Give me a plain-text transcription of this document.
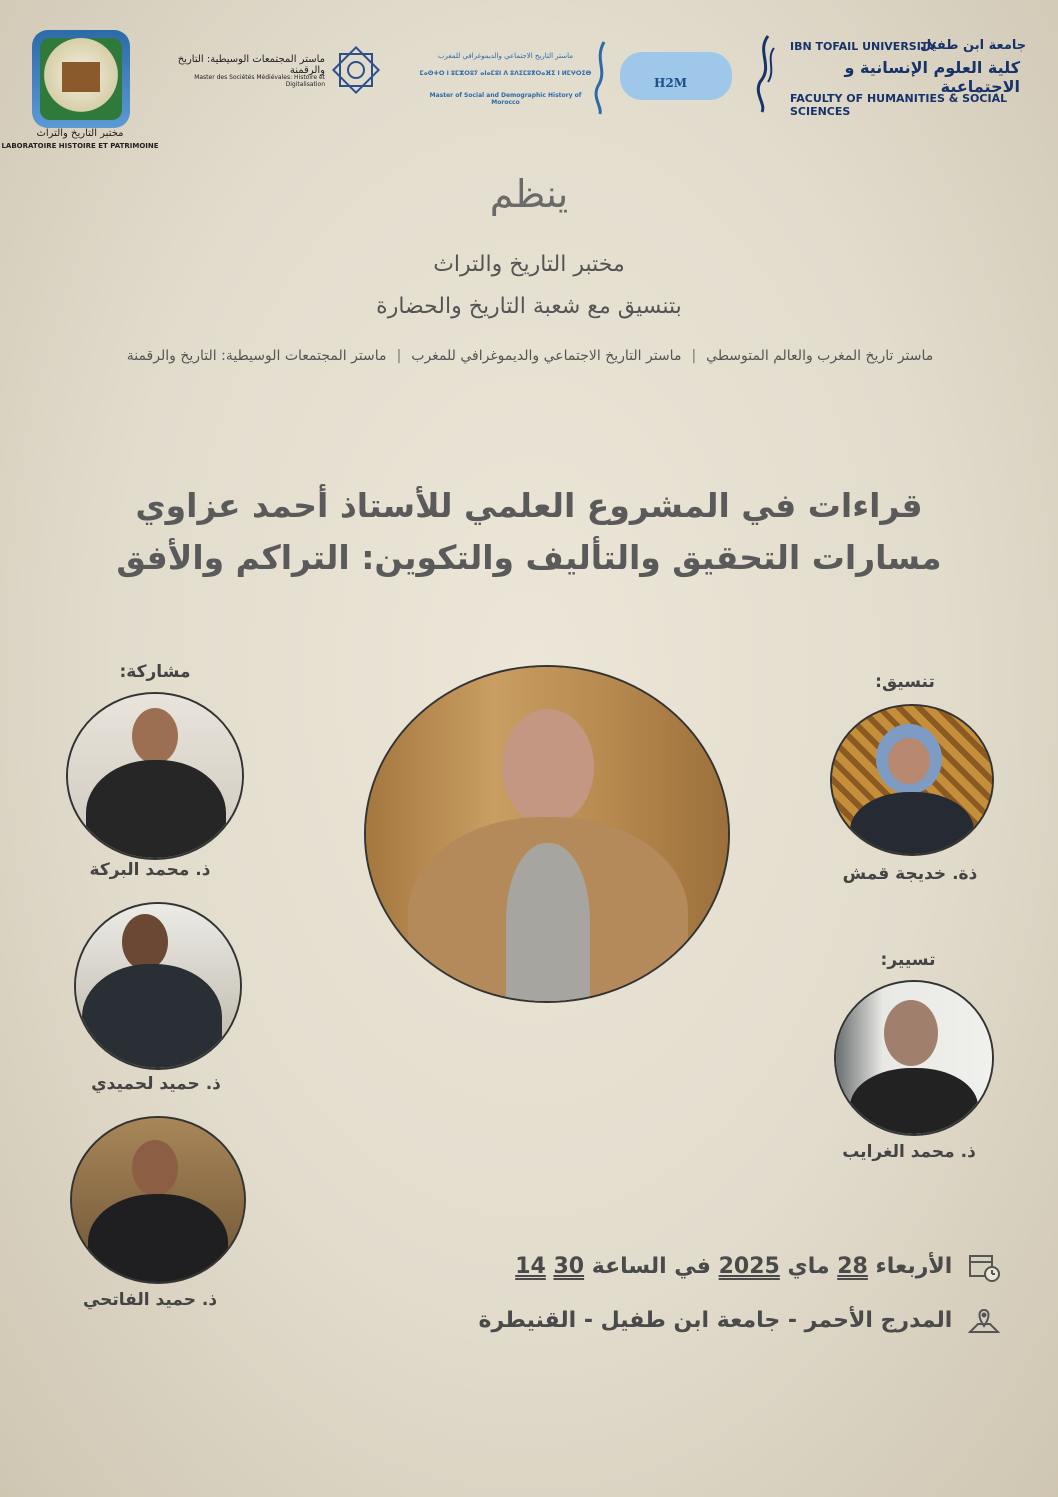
مختبر التاريخ والتراث
LABORATOIRE HISTOIRE ET PATRIMOINE
ماستر المجتمعات الوسيطية: التاريخ والرقمنة
Master des Sociétés Médiévales: Histoire et Digitalisation
ماستر التاريخ الاجتماعي والديموغرافي للمغرب
ⵎⴰⵙⵜⵔ ⵏ ⵓⵎⵣⵔⵓⵢ ⴰⵏⴰⵎⵓⵏ ⴷ ⵓⴷⵉⵎⵓⴳⵔⴰⴼⵉ ⵏ ⵍⵎⵖⵔⵉⴱ
Master of Social and Demographic History of Morocco
H2M
IBN TOFAIL UNIVERSITY
جامعة ابن طفيل
كلية العلوم الإنسانية و الاجتماعية
FACULTY OF HUMANITIES & SOCIAL SCIENCES
ينظم
مختبر التاريخ والتراث
بتنسيق مع شعبة التاريخ والحضارة
ماستر تاريخ المغرب والعالم المتوسطي
|
ماستر التاريخ الاجتماعي والديموغرافي للمغرب
|
ماستر المجتمعات الوسيطية: التاريخ والرقمنة
قراءات في المشروع العلمي للأستاذ أحمد عزاوي
مسارات التحقيق والتأليف والتكوين: التراكم والأفق
مشاركة:
ذ. محمد البركة
ذ. حميد لحميدي
ذ. حميد الفاتحي
تنسيق:
ذة. خديجة قمش
تسيير:
ذ. محمد الغرايب
الأربعاء 28 ماي 2025 في الساعة 30 14
المدرج الأحمر - جامعة ابن طفيل - القنيطرة
